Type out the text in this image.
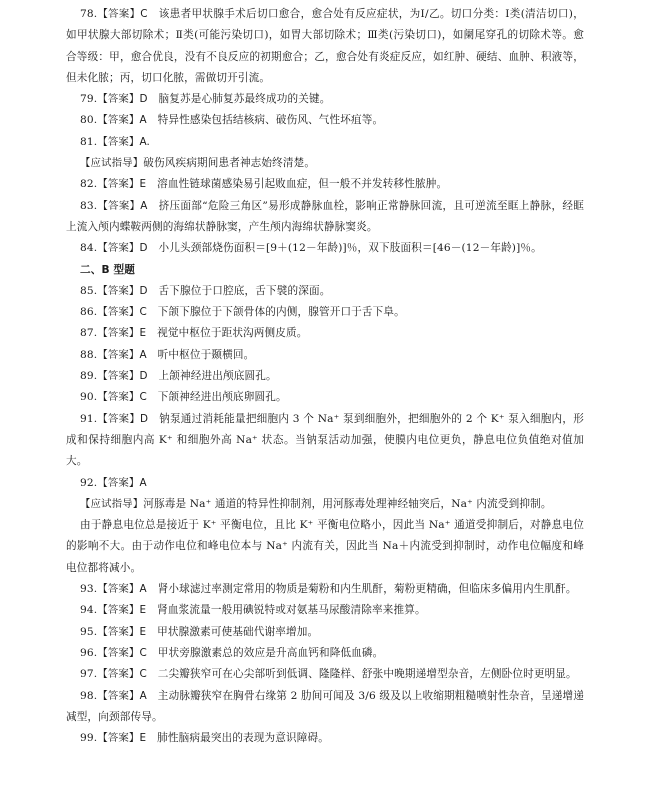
78.【答案】C   该患者甲状腺手术后切口愈合，愈合处有反应症状，为Ⅰ/乙。切口分类：Ⅰ类(清洁切口)，如甲状腺大部切除术；Ⅱ类(可能污染切口)，如胃大部切除术；Ⅲ类(污染切口)，如阑尾穿孔的切除术等。愈合等级：甲，愈合优良，没有不良反应的初期愈合；乙，愈合处有炎症反应，如红肿、硬结、血肿、积液等，但未化脓；丙，切口化脓，需做切开引流。

79.【答案】D   脑复苏是心肺复苏最终成功的关键。

80.【答案】A   特异性感染包括结核病、破伤风、气性坏疽等。

81.【答案】A.

【应试指导】破伤风疾病期间患者神志始终清楚。

82.【答案】E   溶血性链球菌感染易引起败血症，但一般不并发转移性脓肿。

83.【答案】A   挤压面部“危险三角区”易形成静脉血栓，影响正常静脉回流，且可逆流至眶上静脉，经眶上流入颅内蝶鞍两侧的海绵状静脉窦，产生颅内海绵状静脉窦炎。

84.【答案】D   小儿头颈部烧伤面积＝[9＋(12－年龄)]％，双下肢面积＝[46－(12－年龄)]％。

二、B 型题

85.【答案】D   舌下腺位于口腔底，舌下襞的深面。

86.【答案】C   下颌下腺位于下颌骨体的内侧，腺管开口于舌下阜。

87.【答案】E   视觉中枢位于距状沟两侧皮质。

88.【答案】A   听中枢位于颞横回。

89.【答案】D   上颌神经进出颅底圆孔。

90.【答案】C   下颌神经进出颅底卵圆孔。

91.【答案】D   钠泵通过消耗能量把细胞内 3 个 Na⁺ 泵到细胞外，把细胞外的 2 个 K⁺ 泵入细胞内，形成和保持细胞内高 K⁺ 和细胞外高 Na⁺ 状态。当钠泵活动加强，使膜内电位更负，静息电位负值绝对值加大。

92.【答案】A

【应试指导】河豚毒是 Na⁺ 通道的特异性抑制剂，用河豚毒处理神经轴突后，Na⁺ 内流受到抑制。

由于静息电位总是接近于 K⁺ 平衡电位，且比 K⁺ 平衡电位略小，因此当 Na⁺ 通道受抑制后，对静息电位的影响不大。由于动作电位和峰电位本与 Na⁺ 内流有关，因此当 Na＋内流受到抑制时，动作电位幅度和峰电位都将减小。

93.【答案】A   肾小球滤过率测定常用的物质是菊粉和内生肌酐，菊粉更精确，但临床多偏用内生肌酐。

94.【答案】E   肾血浆流量一般用碘锐特或对氨基马尿酸清除率来推算。

95.【答案】E   甲状腺激素可使基础代谢率增加。

96.【答案】C   甲状旁腺激素总的效应是升高血钙和降低血磷。

97.【答案】C   二尖瓣狭窄可在心尖部听到低调、隆隆样、舒张中晚期递增型杂音，左侧卧位时更明显。

98.【答案】A   主动脉瓣狭窄在胸骨右缘第 2 肋间可闻及 3/6 级及以上收缩期粗糙喷射性杂音，呈递增递减型，向颈部传导。

99.【答案】E   肺性脑病最突出的表现为意识障碍。
